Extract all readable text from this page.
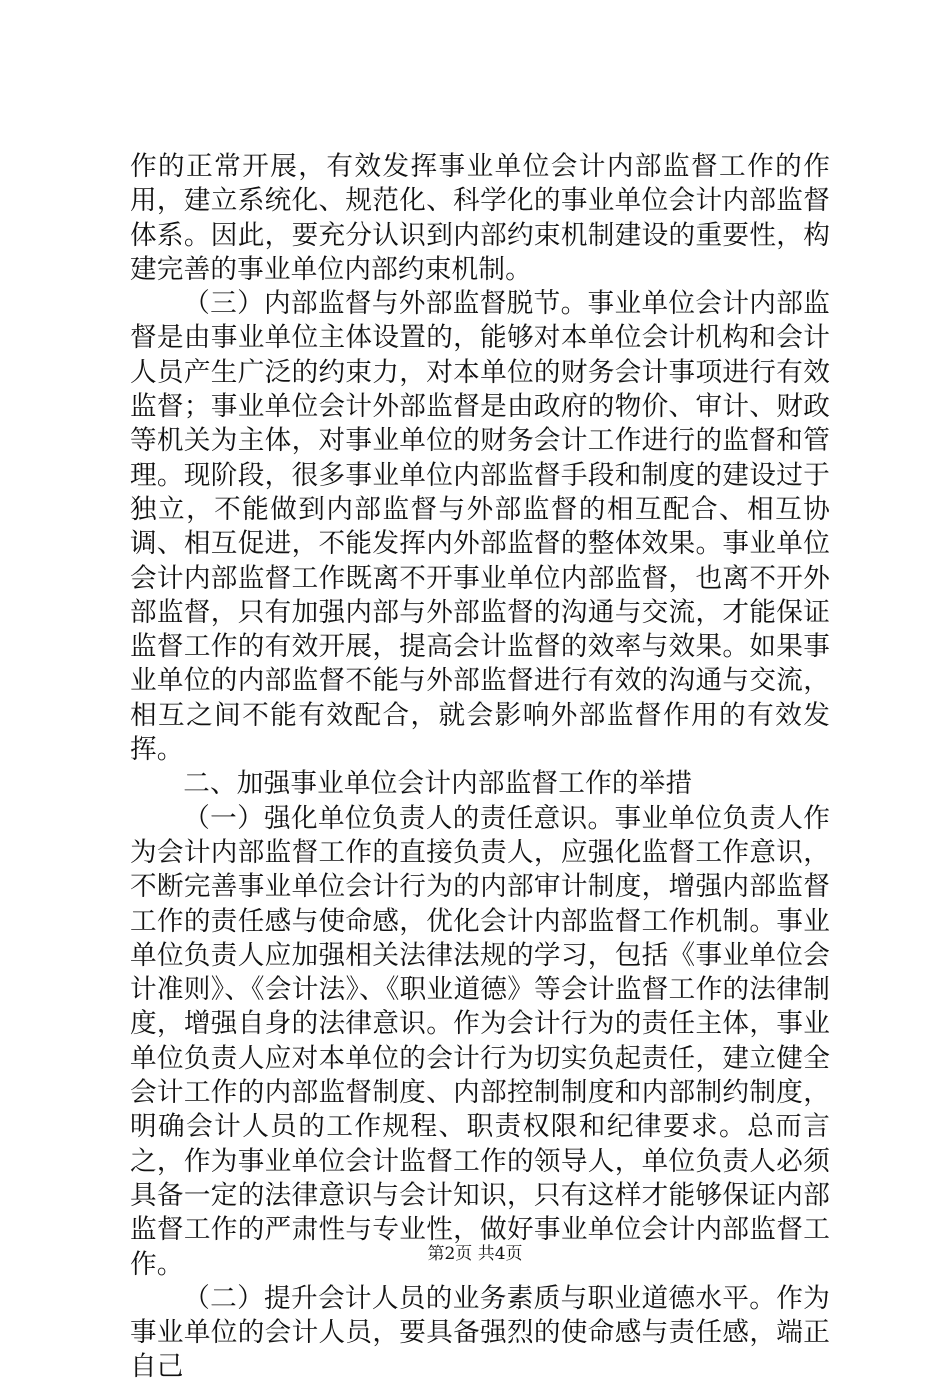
作的正常开展，有效发挥事业单位会计内部监督工作的作用，建立系统化、规范化、科学化的事业单位会计内部监督体系。因此，要充分认识到内部约束机制建设的重要性，构建完善的事业单位内部约束机制。

（三）内部监督与外部监督脱节。事业单位会计内部监督是由事业单位主体设置的，能够对本单位会计机构和会计人员产生广泛的约束力，对本单位的财务会计事项进行有效监督；事业单位会计外部监督是由政府的物价、审计、财政等机关为主体，对事业单位的财务会计工作进行的监督和管理。现阶段，很多事业单位内部监督手段和制度的建设过于独立，不能做到内部监督与外部监督的相互配合、相互协调、相互促进，不能发挥内外部监督的整体效果。事业单位会计内部监督工作既离不开事业单位内部监督，也离不开外部监督，只有加强内部与外部监督的沟通与交流，才能保证监督工作的有效开展，提高会计监督的效率与效果。如果事业单位的内部监督不能与外部监督进行有效的沟通与交流，相互之间不能有效配合，就会影响外部监督作用的有效发挥。

二、加强事业单位会计内部监督工作的举措

（一）强化单位负责人的责任意识。事业单位负责人作为会计内部监督工作的直接负责人，应强化监督工作意识，不断完善事业单位会计行为的内部审计制度，增强内部监督工作的责任感与使命感，优化会计内部监督工作机制。事业单位负责人应加强相关法律法规的学习，包括《事业单位会计准则》、《会计法》、《职业道德》等会计监督工作的法律制度，增强自身的法律意识。作为会计行为的责任主体，事业单位负责人应对本单位的会计行为切实负起责任，建立健全会计工作的内部监督制度、内部控制制度和内部制约制度，明确会计人员的工作规程、职责权限和纪律要求。总而言之，作为事业单位会计监督工作的领导人，单位负责人必须具备一定的法律意识与会计知识，只有这样才能够保证内部监督工作的严肃性与专业性，做好事业单位会计内部监督工作。

（二）提升会计人员的业务素质与职业道德水平。作为事业单位的会计人员，要具备强烈的使命感与责任感，端正自己

第2页 共4页
